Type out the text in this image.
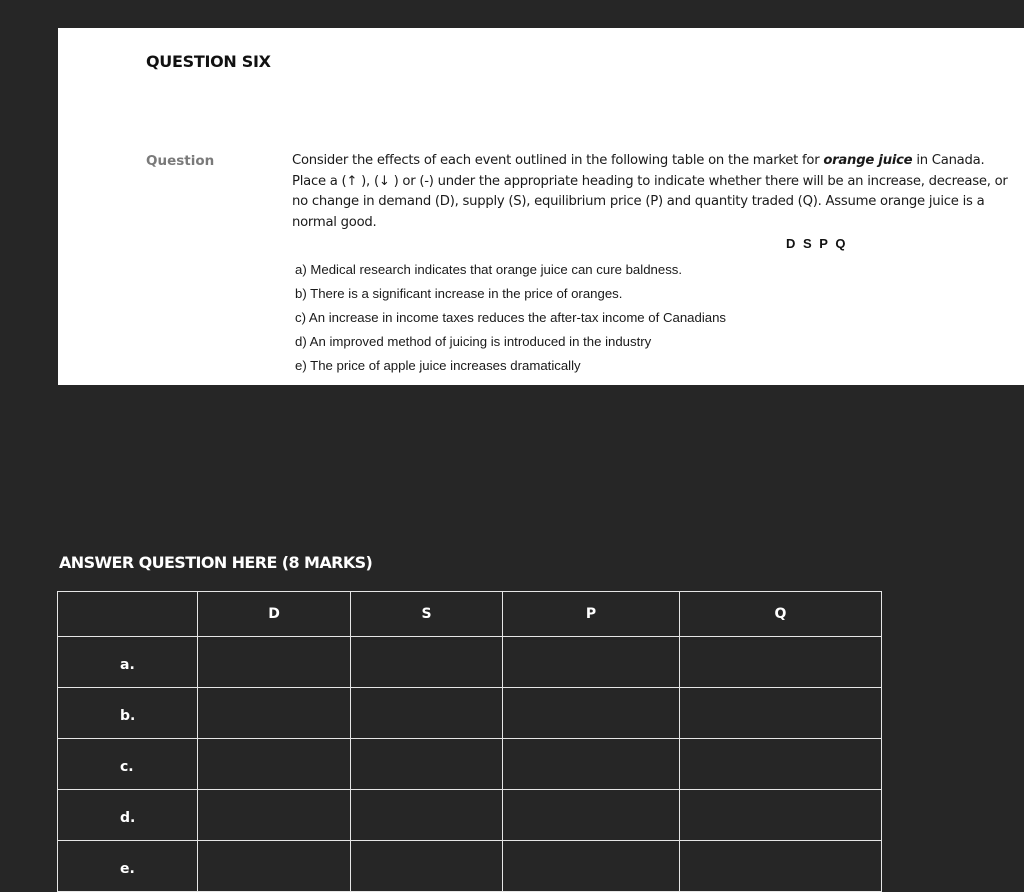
QUESTION SIX
Question	Consider the effects of each event outlined in the following table on the market for orange juice in Canada. Place a (↑ ), (↓ ) or (-) under the appropriate heading to indicate whether there will be an increase, decrease, or no change in demand (D), supply (S), equilibrium price (P) and quantity traded (Q). Assume orange juice is a normal good.
D S P Q
a) Medical research indicates that orange juice can cure baldness.
b) There is a significant increase in the price of oranges.
c) An increase in income taxes reduces the after-tax income of Canadians
d) An improved method of juicing is introduced in the industry
e) The price of apple juice increases dramatically
ANSWER QUESTION HERE (8 MARKS)
	D	S	P	Q
a.				
b.				
c.				
d.				
e.				
